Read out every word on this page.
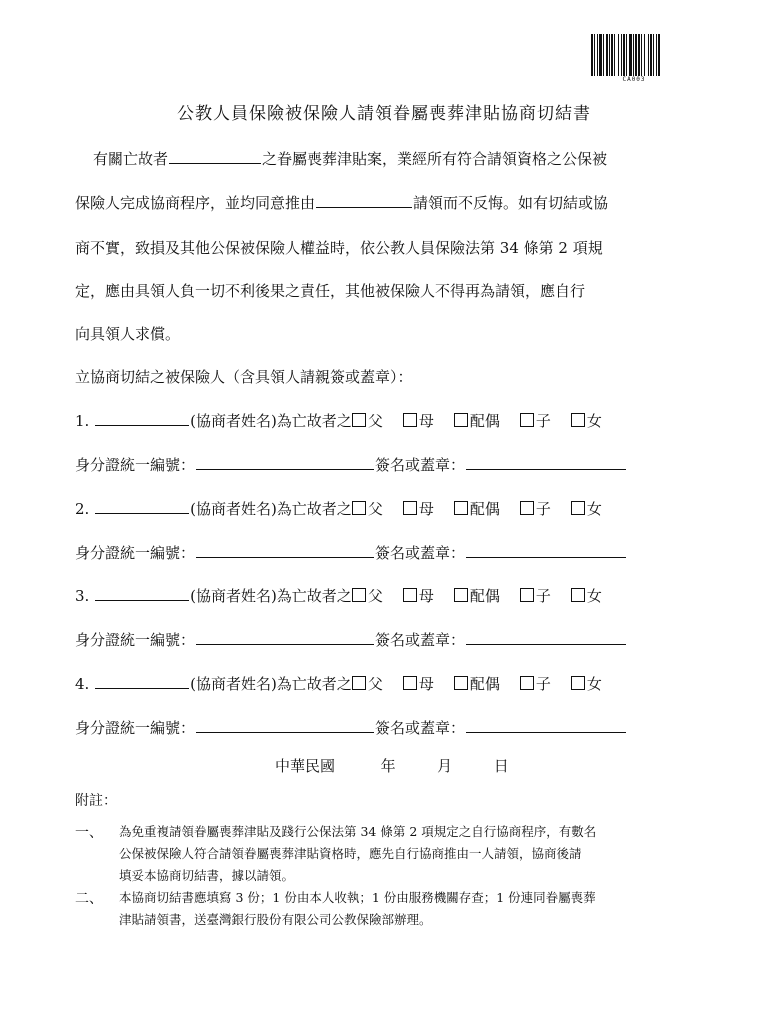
CA003
公教人員保險被保險人請領眷屬喪葬津貼協商切結書
有關亡故者	之眷屬喪葬津貼案，業經所有符合請領資格之公保被
保險人完成協商程序，並均同意推由	請領而不反悔。如有切結或協
商不實，致損及其他公保被保險人權益時，依公教人員保險法第 34 條第 2 項規
定，應由具領人負一切不利後果之責任，其他被保險人不得再為請領，應自行
向具領人求償。
立協商切結之被保險人（含具領人請親簽或蓋章）：
1.	(協商者姓名)為亡故者之 父 母 配偶 子 女
身分證統一編號：	簽名或蓋章：
2.	(協商者姓名)為亡故者之 父 母 配偶 子 女
身分證統一編號：	簽名或蓋章：
3.	(協商者姓名)為亡故者之 父 母 配偶 子 女
身分證統一編號：	簽名或蓋章：
4.	(協商者姓名)為亡故者之 父 母 配偶 子 女
身分證統一編號：	簽名或蓋章：
中華民國	年	月	日
附註：
一、 為免重複請領眷屬喪葬津貼及踐行公保法第 34 條第 2 項規定之自行協商程序，有數名
公保被保險人符合請領眷屬喪葬津貼資格時，應先自行協商推由一人請領，協商後請
填妥本協商切結書，據以請領。
二、 本協商切結書應填寫 3 份；1 份由本人收執；1 份由服務機關存查；1 份連同眷屬喪葬
津貼請領書，送臺灣銀行股份有限公司公教保險部辦理。
